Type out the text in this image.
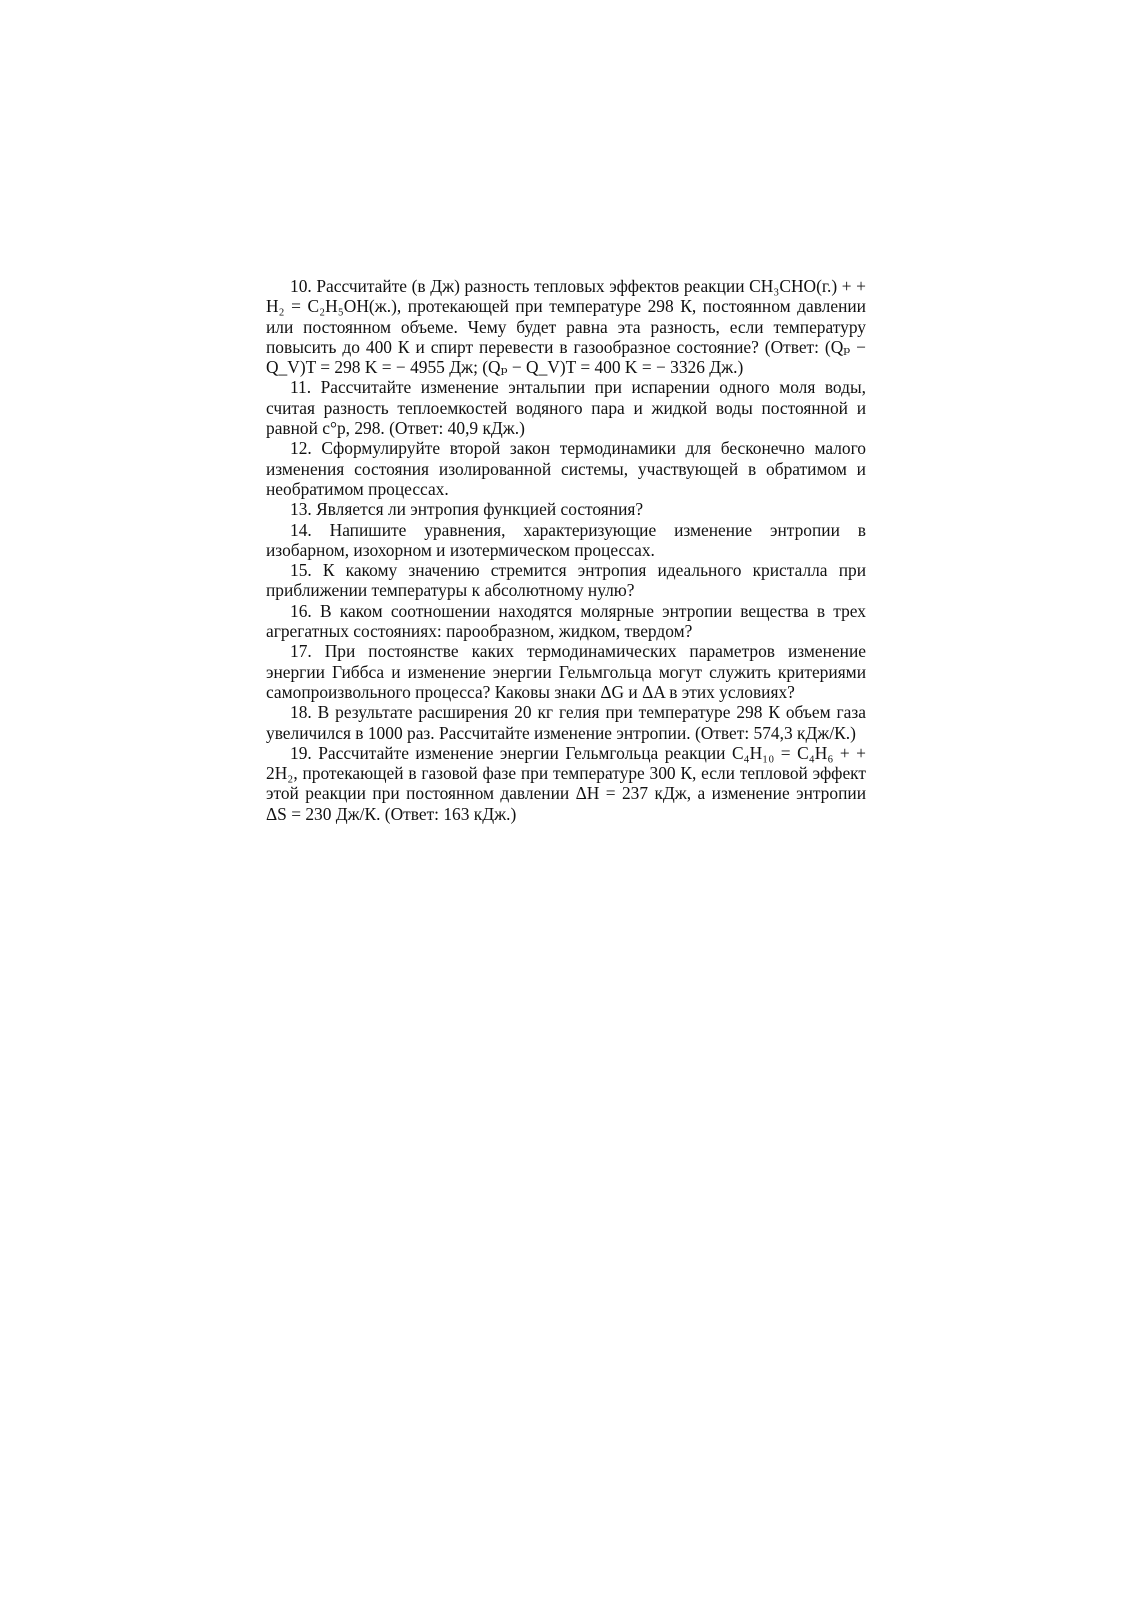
10. Рассчитайте (в Дж) разность тепловых эффектов реакции CH₃CHO(г.) + + H₂ = C₂H₅OH(ж.), протекающей при температуре 298 К, постоянном давлении или постоянном объеме. Чему будет равна эта разность, если температуру повысить до 400 К и спирт перевести в газообразное состояние? (Ответ: (Qₚ − Q_V)T = 298 K = − 4955 Дж; (Qₚ − Q_V)T = 400 K = − 3326 Дж.)

11. Рассчитайте изменение энтальпии при испарении одного моля воды, считая разность теплоемкостей водяного пара и жидкой воды постоянной и равной c°p, 298. (Ответ: 40,9 кДж.)

12. Сформулируйте второй закон термодинамики для бесконечно малого изменения состояния изолированной системы, участвующей в обратимом и необратимом процессах.

13. Является ли энтропия функцией состояния?

14. Напишите уравнения, характеризующие изменение энтропии в изобарном, изохорном и изотермическом процессах.

15. К какому значению стремится энтропия идеального кристалла при приближении температуры к абсолютному нулю?

16. В каком соотношении находятся молярные энтропии вещества в трех агрегатных состояниях: парообразном, жидком, твердом?

17. При постоянстве каких термодинамических параметров изменение энергии Гиббса и изменение энергии Гельмгольца могут служить критериями самопроизвольного процесса? Каковы знаки ΔG и ΔA в этих условиях?

18. В результате расширения 20 кг гелия при температуре 298 К объем газа увеличился в 1000 раз. Рассчитайте изменение энтропии. (Ответ: 574,3 кДж/К.)

19. Рассчитайте изменение энергии Гельмгольца реакции C₄H₁₀ = C₄H₆ + + 2H₂, протекающей в газовой фазе при температуре 300 К, если тепловой эффект этой реакции при постоянном давлении ΔH = 237 кДж, а изменение энтропии ΔS = 230 Дж/К. (Ответ: 163 кДж.)
